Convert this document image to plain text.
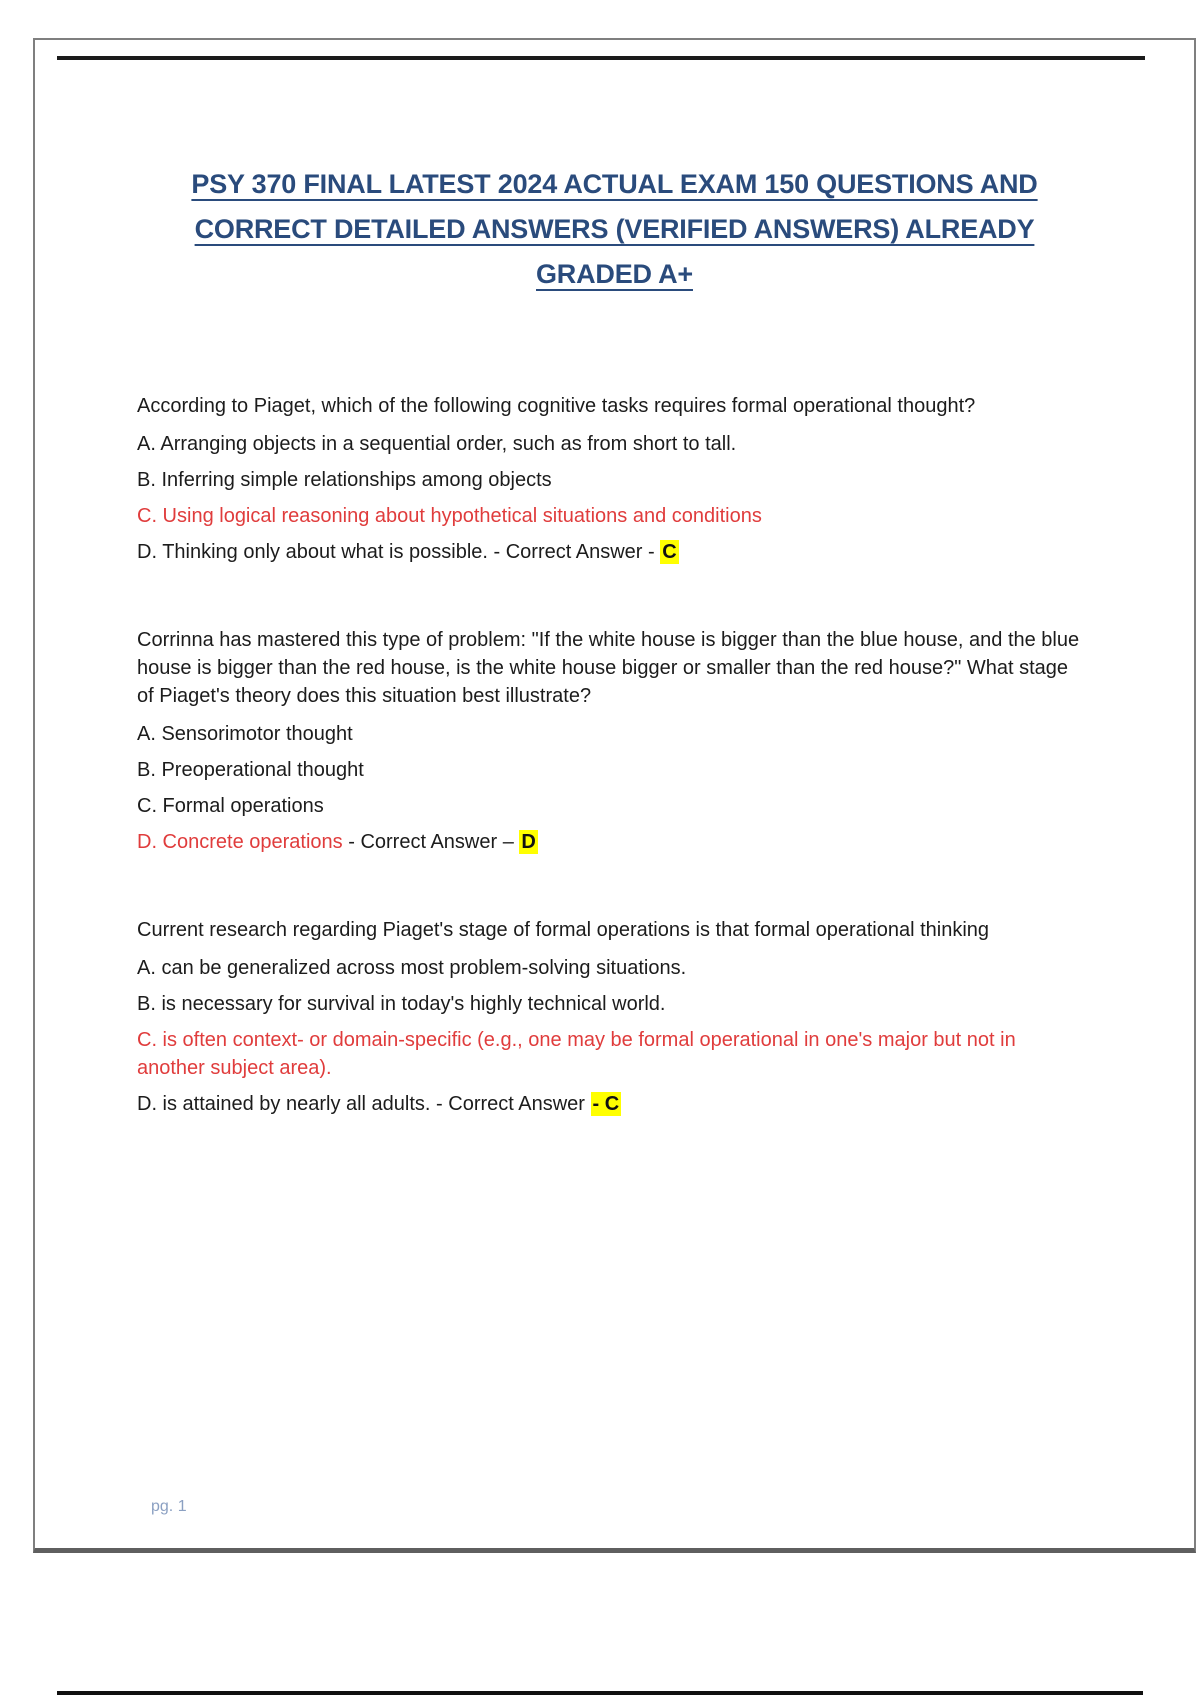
PSY 370 FINAL LATEST 2024 ACTUAL EXAM 150 QUESTIONS AND
CORRECT DETAILED ANSWERS (VERIFIED ANSWERS) ALREADY
GRADED A+

According to Piaget, which of the following cognitive tasks requires formal operational thought?

A. Arranging objects in a sequential order, such as from short to tall.

B. Inferring simple relationships among objects

C. Using logical reasoning about hypothetical situations and conditions

D. Thinking only about what is possible. - Correct Answer - C

Corrinna has mastered this type of problem: "If the white house is bigger than the blue house, and the blue house is bigger than the red house, is the white house bigger or smaller than the red house?" What stage of Piaget's theory does this situation best illustrate?

A. Sensorimotor thought

B. Preoperational thought

C. Formal operations

D. Concrete operations - Correct Answer – D

Current research regarding Piaget's stage of formal operations is that formal operational thinking

A. can be generalized across most problem-solving situations.

B. is necessary for survival in today's highly technical world.

C. is often context- or domain-specific (e.g., one may be formal operational in one's major but not in another subject area).

D. is attained by nearly all adults. - Correct Answer - C

pg. 1
